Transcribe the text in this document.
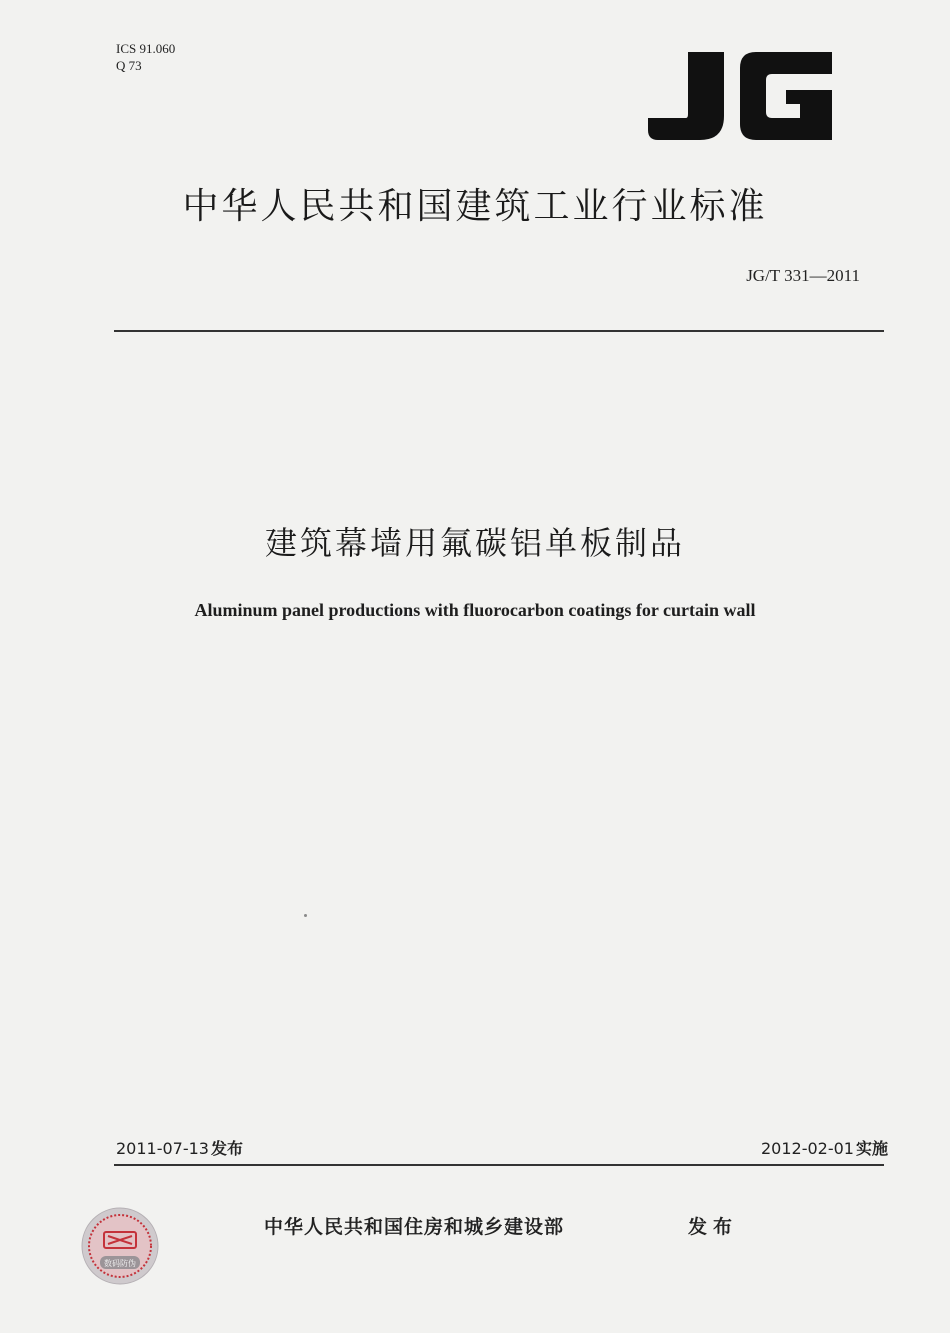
ICS 91.060
Q 73
中华人民共和国建筑工业行业标准
JG/T 331—2011
建筑幕墙用氟碳铝单板制品
Aluminum panel productions with fluorocarbon coatings for curtain wall
2011-07-13 发布	2012-02-01 实施
数码防伪
中华人民共和国住房和城乡建设部	发布
